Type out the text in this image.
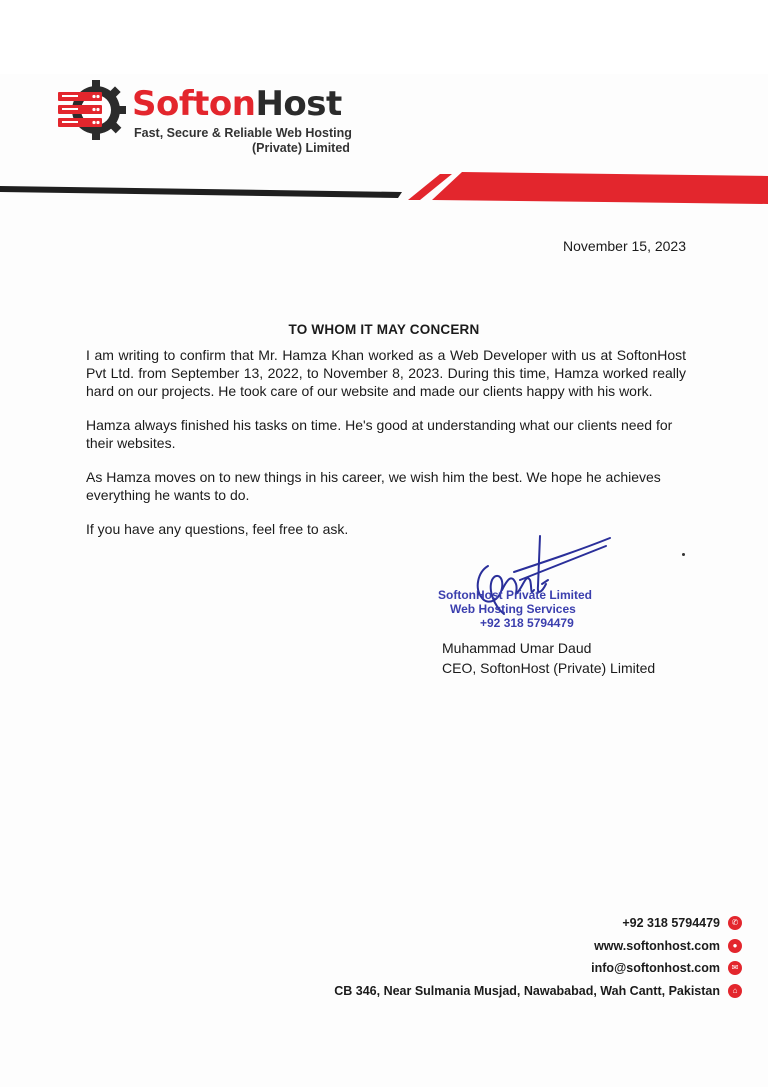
SoftonHost
Fast, Secure & Reliable Web Hosting
(Private) Limited
November 15, 2023
TO WHOM IT MAY CONCERN

I am writing to confirm that Mr. Hamza Khan worked as a Web Developer with us at SoftonHost Pvt Ltd. from September 13, 2022, to November 8, 2023. During this time, Hamza worked really hard on our projects. He took care of our website and made our clients happy with his work.

Hamza always finished his tasks on time. He's good at understanding what our clients need for their websites.

As Hamza moves on to new things in his career, we wish him the best. We hope he achieves everything he wants to do.

If you have any questions, feel free to ask.

SoftonHost Private Limited
Web Hosting Services
+92 318 5794479
Muhammad Umar Daud
CEO, SoftonHost (Private) Limited
+92 318 5794479	✆
www.softonhost.com	●
info@softonhost.com	✉
CB 346, Near Sulmania Musjad, Nawababad, Wah Cantt, Pakistan	⌂
